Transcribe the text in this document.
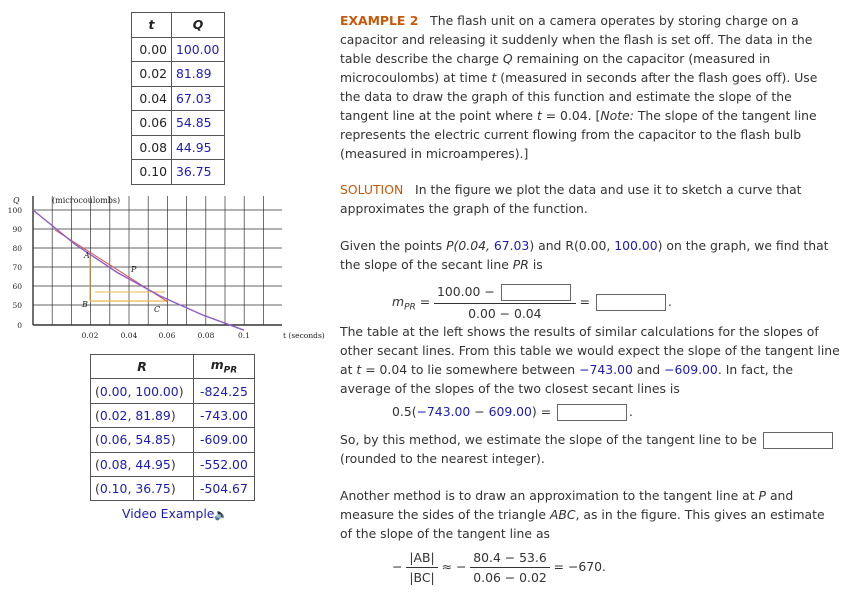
t	Q
0.00	100.00
0.02	81.89
0.04	67.03
0.06	54.85
0.08	44.95
0.10	36.75
100
90
80
70
60
50
0
0.02	0.04	0.06	0.08	0.1
Q	(microcoulombs)
t (seconds)
A
P
B
C
R	$m_{PR}$
(0.00, 100.00)	-824.25
(0.02, 81.89)	-743.00
(0.06, 54.85)	-609.00
(0.08, 44.95)	-552.00
(0.10, 36.75)	-504.67
Video Example🔈

EXAMPLE 2 The flash unit on a camera operates by storing charge on a capacitor and releasing it suddenly when the flash is set off. The data in the table describe the charge Q remaining on the capacitor (measured in microcoulombs) at time t (measured in seconds after the flash goes off). Use the data to draw the graph of this function and estimate the slope of the tangent line at the point where t = 0.04. [Note: The slope of the tangent line represents the electric current flowing from the capacitor to the flash bulb (measured in microamperes).]

SOLUTION In the figure we plot the data and use it to sketch a curve that approximates the graph of the function.

Given the points P(0.04, 67.03) and R(0.00, 100.00) on the graph, we find that the slope of the secant line PR is

$m_{PR} = \frac{100.00 -}{0.00 - 0.04}$ =	.

The table at the left shows the results of similar calculations for the slopes of other secant lines. From this table we would expect the slope of the tangent line at t = 0.04 to lie somewhere between −743.00 and −609.00. In fact, the average of the slopes of the two closest secant lines is

0.5(−743.00 − 609.00) =	.

So, by this method, we estimate the slope of the tangent line to be
(rounded to the nearest integer).

Another method is to draw an approximation to the tangent line at P and measure the sides of the triangle ABC, as in the figure. This gives an estimate of the slope of the tangent line as

− $\frac{|AB|}{|BC|}$ ≈ − $\frac{80.4 - 53.6}{0.06 - 0.02} = -670$.
